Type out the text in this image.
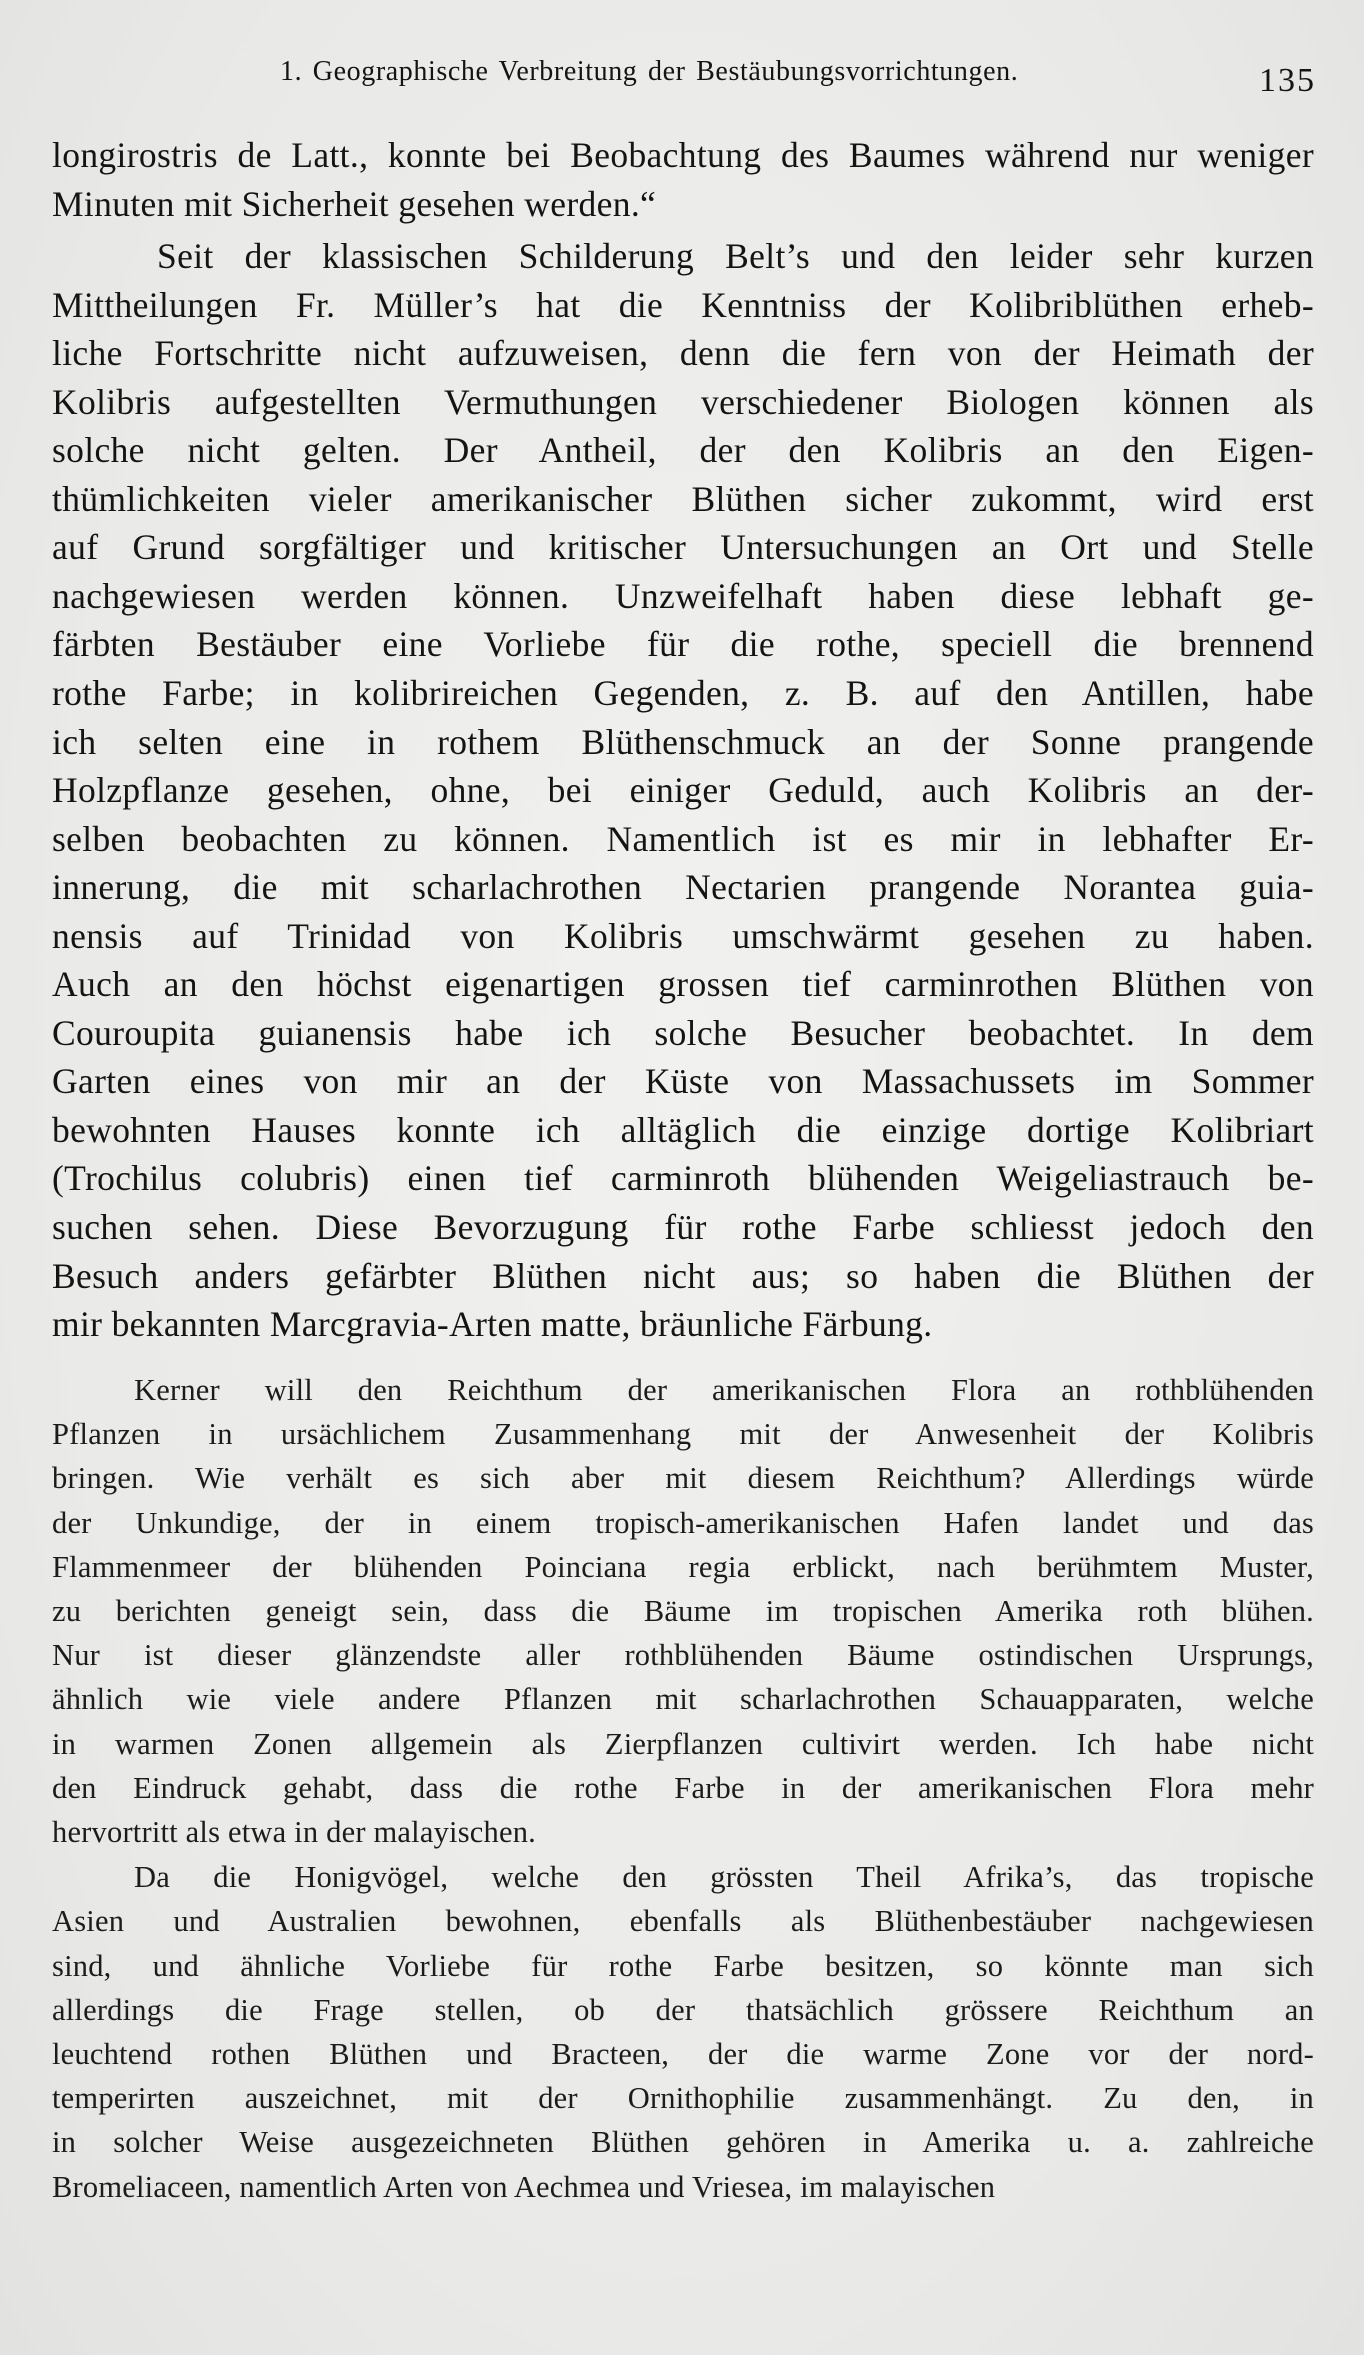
1. Geographische Verbreitung der Bestäubungsvorrichtungen.	135
longirostris de Latt., konnte bei Beobachtung des Baumes während nur weniger
Minuten mit Sicherheit gesehen werden.“
Seit der klassischen Schilderung Belt’s und den leider sehr kurzen
Mittheilungen Fr. Müller’s hat die Kenntniss der Kolibriblüthen erheb-
liche Fortschritte nicht aufzuweisen, denn die fern von der Heimath der
Kolibris aufgestellten Vermuthungen verschiedener Biologen können als
solche nicht gelten. Der Antheil, der den Kolibris an den Eigen-
thümlichkeiten vieler amerikanischer Blüthen sicher zukommt, wird erst
auf Grund sorgfältiger und kritischer Untersuchungen an Ort und Stelle
nachgewiesen werden können. Unzweifelhaft haben diese lebhaft ge-
färbten Bestäuber eine Vorliebe für die rothe, speciell die brennend
rothe Farbe; in kolibrireichen Gegenden, z. B. auf den Antillen, habe
ich selten eine in rothem Blüthenschmuck an der Sonne prangende
Holzpflanze gesehen, ohne, bei einiger Geduld, auch Kolibris an der-
selben beobachten zu können. Namentlich ist es mir in lebhafter Er-
innerung, die mit scharlachrothen Nectarien prangende Norantea guia-
nensis auf Trinidad von Kolibris umschwärmt gesehen zu haben.
Auch an den höchst eigenartigen grossen tief carminrothen Blüthen von
Couroupita guianensis habe ich solche Besucher beobachtet. In dem
Garten eines von mir an der Küste von Massachussets im Sommer
bewohnten Hauses konnte ich alltäglich die einzige dortige Kolibriart
(Trochilus colubris) einen tief carminroth blühenden Weigeliastrauch be-
suchen sehen. Diese Bevorzugung für rothe Farbe schliesst jedoch den
Besuch anders gefärbter Blüthen nicht aus; so haben die Blüthen der
mir bekannten Marcgravia-Arten matte, bräunliche Färbung.
Kerner will den Reichthum der amerikanischen Flora an rothblühenden
Pflanzen in ursächlichem Zusammenhang mit der Anwesenheit der Kolibris
bringen. Wie verhält es sich aber mit diesem Reichthum? Allerdings würde
der Unkundige, der in einem tropisch-amerikanischen Hafen landet und das
Flammenmeer der blühenden Poinciana regia erblickt, nach berühmtem Muster,
zu berichten geneigt sein, dass die Bäume im tropischen Amerika roth blühen.
Nur ist dieser glänzendste aller rothblühenden Bäume ostindischen Ursprungs,
ähnlich wie viele andere Pflanzen mit scharlachrothen Schauapparaten, welche
in warmen Zonen allgemein als Zierpflanzen cultivirt werden. Ich habe nicht
den Eindruck gehabt, dass die rothe Farbe in der amerikanischen Flora mehr
hervortritt als etwa in der malayischen.
Da die Honigvögel, welche den grössten Theil Afrika’s, das tropische
Asien und Australien bewohnen, ebenfalls als Blüthenbestäuber nachgewiesen
sind, und ähnliche Vorliebe für rothe Farbe besitzen, so könnte man sich
allerdings die Frage stellen, ob der thatsächlich grössere Reichthum an
leuchtend rothen Blüthen und Bracteen, der die warme Zone vor der nord-
temperirten auszeichnet, mit der Ornithophilie zusammenhängt. Zu den, in
in solcher Weise ausgezeichneten Blüthen gehören in Amerika u. a. zahlreiche
Bromeliaceen, namentlich Arten von Aechmea und Vriesea, im malayischen
